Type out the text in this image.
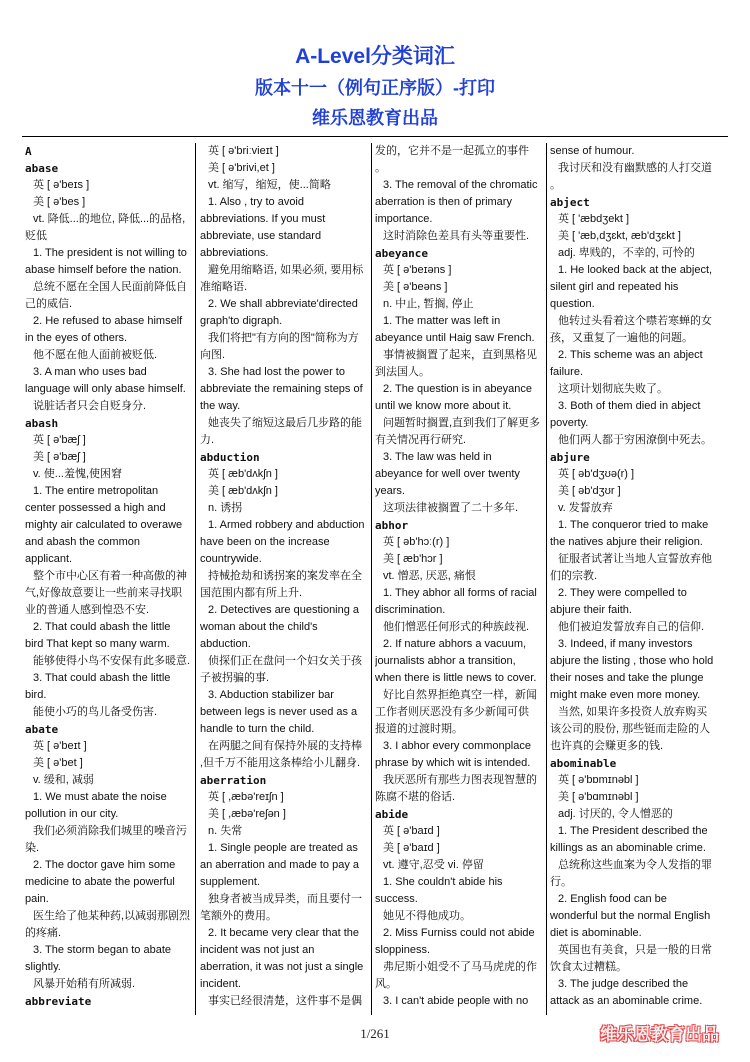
A-Level分类词汇
版本十一（例句正序版）-打印
维乐恩教育出品
A
abase
英 [ ə'beɪs ]
美 [ ə'bes ]
vt. 降低...的地位, 降低...的品格,
贬低
1. The president is not willing to
abase himself before the nation.
总统不愿在全国人民面前降低自
己的威信.
2. He refused to abase himself
in the eyes of others.
他不愿在他人面前被贬低.
3. A man who uses bad
language will only abase himself.
说脏话者只会自贬身分.
abash
英 [ ə'bæʃ ]
美 [ ə'bæʃ ]
v. 使...羞愧,使困窘
1. The entire metropolitan
center possessed a high and
mighty air calculated to overawe
and abash the common
applicant.
整个市中心区有着一种高傲的神
气,好像故意要让一些前来寻找职
业的普通人感到惶恐不安.
2. That could abash the little
bird That kept so many warm.
能够使得小鸟不安保有此多暖意.
3. That could abash the little
bird.
能使小巧的鸟儿备受伤害.
abate
英 [ ə'beɪt ]
美 [ ə'bet ]
v. 缓和, 减弱
1. We must abate the noise
pollution in our city.
我们必须消除我们城里的噪音污
染.
2. The doctor gave him some
medicine to abate the powerful
pain.
医生给了他某种药,以减弱那剧烈
的疼痛.
3. The storm began to abate
slightly.
风暴开始稍有所减弱.
abbreviate
英 [ ə'briːvieɪt ]
美 [ ə'brivi,et ]
vt. 缩写，缩短，使...简略
1. Also , try to avoid
abbreviations. If you must
abbreviate, use standard
abbreviations.
避免用缩略语, 如果必须, 要用标
准缩略语.
2. We shall abbreviate'directed
graph'to digraph.
我们将把"有方向的图"简称为方
向图.
3. She had lost the power to
abbreviate the remaining steps of
the way.
她丧失了缩短这最后几步路的能
力.
abduction
英 [ æb'dʌkʃn ]
美 [ æb'dʌkʃn ]
n. 诱拐
1. Armed robbery and abduction
have been on the increase
countrywide.
持械抢劫和诱拐案的案发率在全
国范围内都有所上升.
2. Detectives are questioning a
woman about the child's
abduction.
侦探们正在盘问一个妇女关于孩
子被拐骗的事.
3. Abduction stabilizer bar
between legs is never used as a
handle to turn the child.
在两腿之间有保持外展的支持棒
,但千万不能用这条棒给小儿翻身.
aberration
英 [ ,æbə'reɪʃn ]
美 [ ,æbə'reʃən ]
n. 失常
1. Single people are treated as
an aberration and made to pay a
supplement.
独身者被当成异类，而且要付一
笔额外的费用。
2. It became very clear that the
incident was not just an
aberration, it was not just a single
incident.
事实已经很清楚，这件事不是偶
发的，它并不是一起孤立的事件
。
3. The removal of the chromatic
aberration is then of primary
importance.
这时消除色差具有头等重要性.
abeyance
英 [ ə'beɪəns ]
美 [ ə'beəns ]
n. 中止, 暂搁, 停止
1. The matter was left in
abeyance until Haig saw French.
事情被搁置了起来，直到黑格见
到法国人。
2. The question is in abeyance
until we know more about it.
问题暂时搁置,直到我们了解更多
有关情况再行研究.
3. The law was held in
abeyance for well over twenty
years.
这项法律被搁置了二十多年.
abhor
英 [ əb'hɔː(r) ]
美 [ æb'hɔr ]
vt. 憎恶, 厌恶, 痛恨
1. They abhor all forms of racial
discrimination.
他们憎恶任何形式的种族歧视.
2. If nature abhors a vacuum,
journalists abhor a transition,
when there is little news to cover.
好比自然界拒绝真空一样，新闻
工作者则厌恶没有多少新闻可供
报道的过渡时期。
3. I abhor every commonplace
phrase by which wit is intended.
我厌恶所有那些力图表现智慧的
陈腐不堪的俗话.
abide
英 [ ə'baɪd ]
美 [ ə'baɪd ]
vt. 遵守,忍受 vi. 停留
1. She couldn't abide his
success.
她见不得他成功。
2. Miss Furniss could not abide
sloppiness.
弗尼斯小姐受不了马马虎虎的作
风。
3. I can't abide people with no
sense of humour.
我讨厌和没有幽默感的人打交道
。
abject
英 [ 'æbdʒekt ]
美 [ 'æb,dʒɛkt, æb'dʒɛkt ]
adj. 卑贱的，不幸的, 可怜的
1. He looked back at the abject,
silent girl and repeated his
question.
他转过头看着这个噤若寒蝉的女
孩，又重复了一遍他的问题。
2. This scheme was an abject
failure.
这项计划彻底失败了。
3. Both of them died in abject
poverty.
他们两人都于穷困潦倒中死去。
abjure
英 [ əb'dʒʊə(r) ]
美 [ əb'dʒʊr ]
v. 发誓放弃
1. The conqueror tried to make
the natives abjure their religion.
征服者试著让当地人宣誓放弃他
们的宗教.
2. They were compelled to
abjure their faith.
他们被迫发誓放弃自己的信仰.
3. Indeed, if many investors
abjure the listing , those who hold
their noses and take the plunge
might make even more money.
当然, 如果许多投资人放弃购买
该公司的股份, 那些铤而走险的人
也许真的会赚更多的钱.
abominable
英 [ ə'bɒmɪnəbl ]
美 [ ə'bɑmɪnəbl ]
adj. 讨厌的, 令人憎恶的
1. The President described the
killings as an abominable crime.
总统称这些血案为令人发指的罪
行。
2. English food can be
wonderful but the normal English
diet is abominable.
英国也有美食，只是一般的日常
饮食太过糟糕。
3. The judge described the
attack as an abominable crime.
1/261	维乐恩教育出品
